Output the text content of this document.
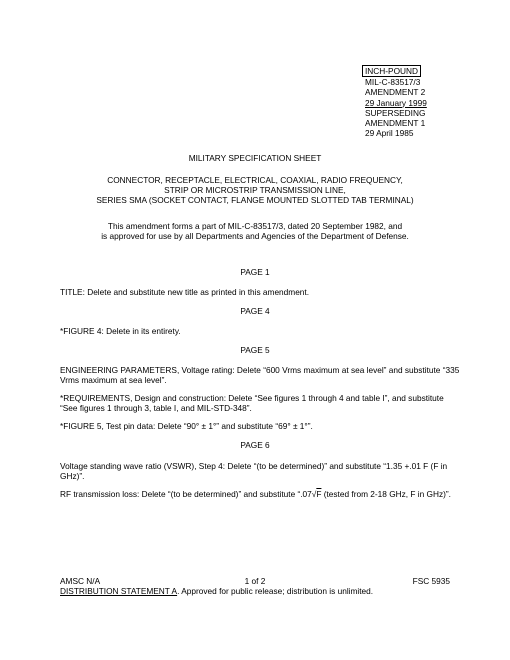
INCH-POUND
MIL-C-83517/3
AMENDMENT 2
29 January 1999
SUPERSEDING
AMENDMENT 1
29 April 1985
MILITARY SPECIFICATION SHEET
CONNECTOR, RECEPTACLE, ELECTRICAL, COAXIAL, RADIO FREQUENCY,
STRIP OR MICROSTRIP TRANSMISSION LINE,
SERIES SMA (SOCKET CONTACT, FLANGE MOUNTED SLOTTED TAB TERMINAL)
This amendment forms a part of MIL-C-83517/3, dated 20 September 1982, and
is approved for use by all Departments and Agencies of the Department of Defense.
PAGE 1
TITLE: Delete and substitute new title as printed in this amendment.
PAGE 4
*FIGURE 4: Delete in its entirety.
PAGE 5
ENGINEERING PARAMETERS, Voltage rating: Delete “600 Vrms maximum at sea level” and substitute “335 Vrms maximum at sea level”.
*REQUIREMENTS, Design and construction: Delete “See figures 1 through 4 and table I”, and substitute “See figures 1 through 3, table I, and MIL-STD-348”.
*FIGURE 5, Test pin data: Delete “90° ± 1°” and substitute “69° ± 1°”.
PAGE 6
Voltage standing wave ratio (VSWR), Step 4: Delete “(to be determined)” and substitute “1.35 +.01 F (F in GHz)”.
RF transmission loss: Delete “(to be determined)” and substitute “.07√F (tested from 2-18 GHz, F in GHz)”.
AMSC N/A	1 of 2	FSC 5935
DISTRIBUTION STATEMENT A. Approved for public release; distribution is unlimited.
